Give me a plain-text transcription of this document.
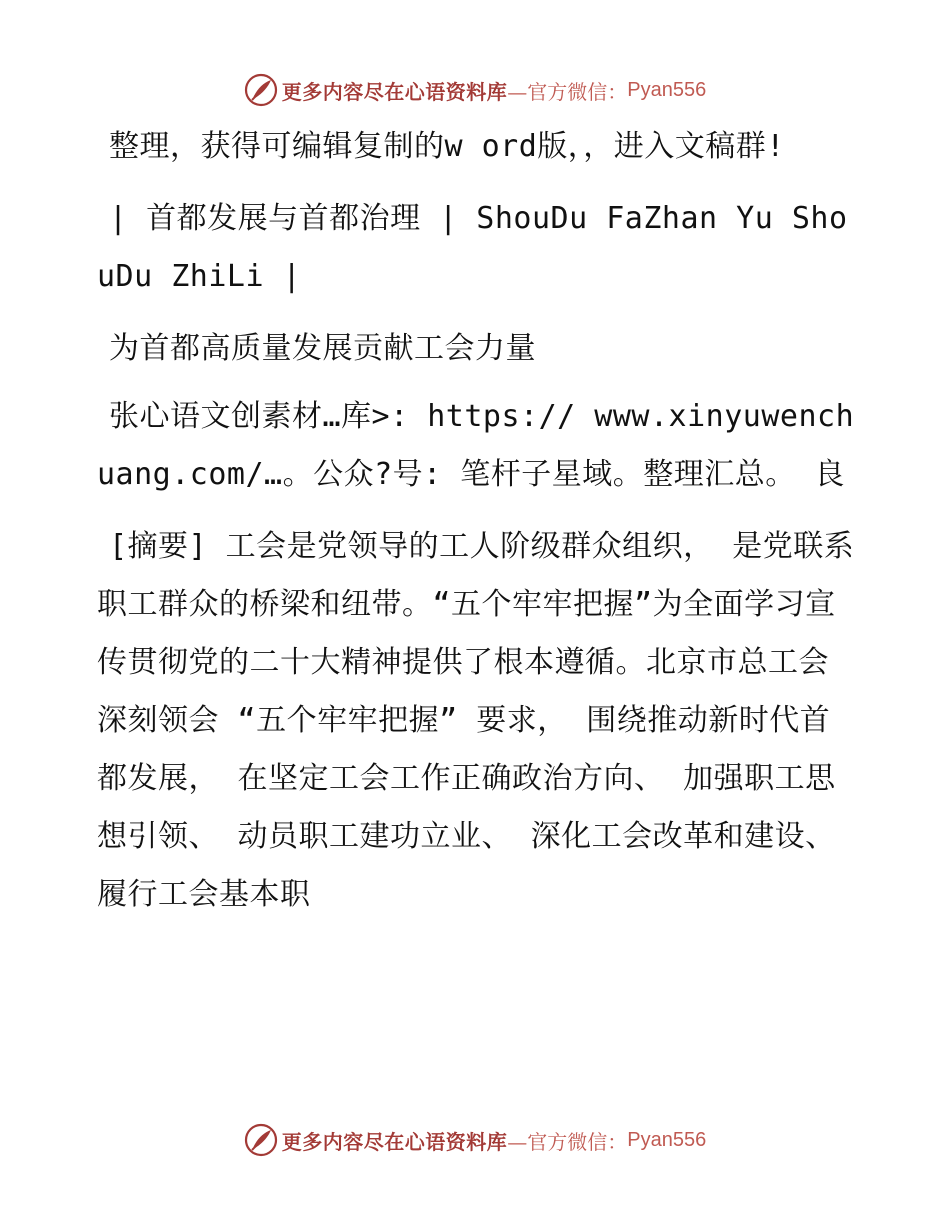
更多内容尽在心语资料库 —官方微信： Pyan556

整理，获得可编辑复制的w ord版，，进入文稿群!

| 首都发展与首都治理 | ShouDu FaZhan Yu ShouDu ZhiLi |

为首都高质量发展贡献工会力量

张心语文创素材…库>: https:// www.xinyuwenchuang.com/…。公众?号: 笔杆子星域。整理汇总。 良

[摘要] 工会是党领导的工人阶级群众组织， 是党联系职工群众的桥梁和纽带。“五个牢牢把握”为全面学习宣传贯彻党的二十大精神提供了根本遵循。北京市总工会深刻领会 “五个牢牢把握” 要求， 围绕推动新时代首都发展， 在坚定工会工作正确政治方向、 加强职工思想引领、 动员职工建功立业、 深化工会改革和建设、 履行工会基本职

更多内容尽在心语资料库 —官方微信： Pyan556
